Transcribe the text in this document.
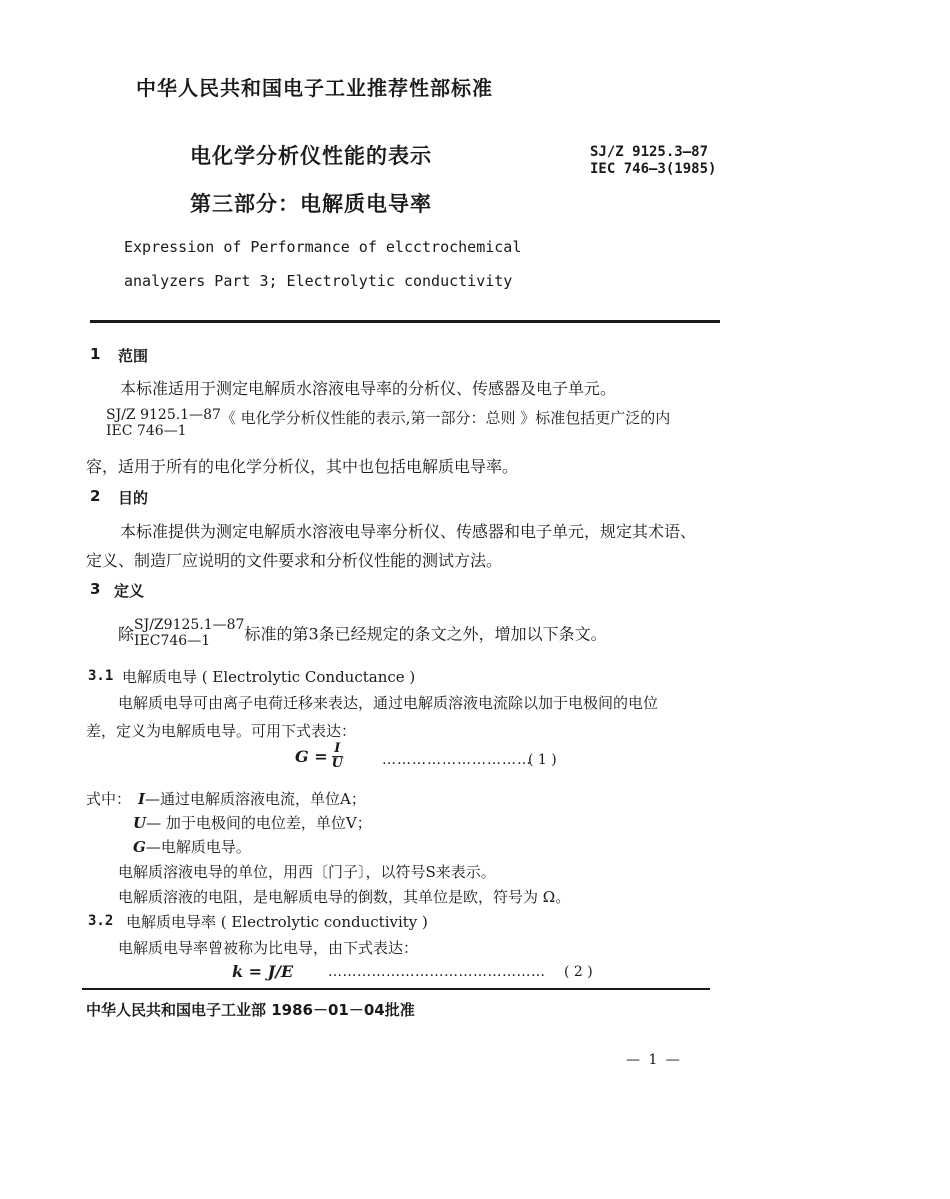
中华人民共和国电子工业推荐性部标准
电化学分析仪性能的表示
第三部分：电解质电导率
SJ/Z 9125.3—87
IEC 746—3(1985)
Expression of Performance of elcctrochemical
analyzers Part 3; Electrolytic conductivity
1 范围
本标准适用于测定电解质水溶液电导率的分析仪、传感器及电子单元。
SJ/Z 9125.1—87
IEC 746—1
《 电化学分析仪性能的表示,第一部分：总则 》标准包括更广泛的内
容，适用于所有的电化学分析仪，其中也包括电解质电导率。
2 目的
本标准提供为测定电解质水溶液电导率分析仪、传感器和电子单元，规定其术语、
定义、制造厂应说明的文件要求和分析仪性能的测试方法。
3 定义
除 SJ/Z9125.1—87
IEC746—1	标准的第3条已经规定的条文之外，增加以下条文。
3.1 电解质电导 ( Electrolytic Conductance )
电解质电导可由离子电荷迁移来表达，通过电解质溶液电流除以加于电极间的电位
差，定义为电解质电导。可用下式表达：
$G = \frac{I}{U}$	…………………………
( 1 )
式中： I—通过电解质溶液电流，单位A；
U— 加于电极间的电位差，单位V；
G—电解质电导。
电解质溶液电导的单位，用西〔门子〕，以符号S来表示。
电解质溶液的电阻，是电解质电导的倒数，其单位是欧，符号为 Ω。
3.2 电解质电导率 ( Electrolytic conductivity )
电解质电导率曾被称为比电导，由下式表达：
k = J/E ……………………………………… ( 2 )
中华人民共和国电子工业部 1986－01－04批准
— 1 —
